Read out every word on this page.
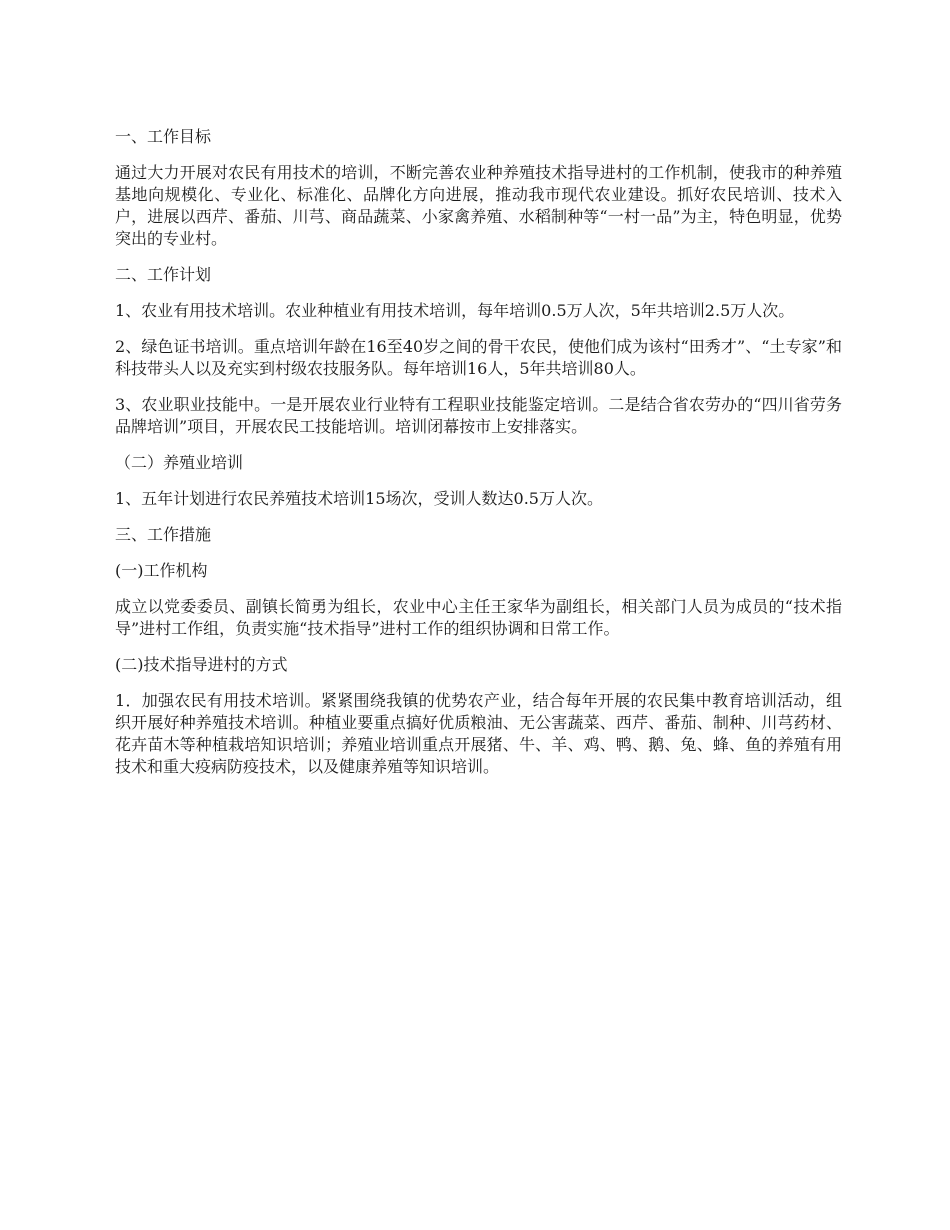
一、工作目标

通过大力开展对农民有用技术的培训，不断完善农业种养殖技术指导进村的工作机制，使我市的种养殖基地向规模化、专业化、标准化、品牌化方向进展，推动我市现代农业建设。抓好农民培训、技术入户，进展以西芹、番茄、川芎、商品蔬菜、小家禽养殖、水稻制种等“一村一品”为主，特色明显，优势突出的专业村。

二、工作计划

1、农业有用技术培训。农业种植业有用技术培训，每年培训0.5万人次，5年共培训2.5万人次。

2、绿色证书培训。重点培训年龄在16至40岁之间的骨干农民，使他们成为该村“田秀才”、“土专家”和科技带头人以及充实到村级农技服务队。每年培训16人，5年共培训80人。

3、农业职业技能中。一是开展农业行业特有工程职业技能鉴定培训。二是结合省农劳办的“四川省劳务品牌培训”项目，开展农民工技能培训。培训闭幕按市上安排落实。

（二）养殖业培训

1、五年计划进行农民养殖技术培训15场次，受训人数达0.5万人次。

三、工作措施

(一)工作机构

成立以党委委员、副镇长简勇为组长，农业中心主任王家华为副组长，相关部门人员为成员的“技术指导”进村工作组，负责实施“技术指导”进村工作的组织协调和日常工作。

(二)技术指导进村的方式

1．加强农民有用技术培训。紧紧围绕我镇的优势农产业，结合每年开展的农民集中教育培训活动，组织开展好种养殖技术培训。种植业要重点搞好优质粮油、无公害蔬菜、西芹、番茄、制种、川芎药材、花卉苗木等种植栽培知识培训；养殖业培训重点开展猪、牛、羊、鸡、鸭、鹅、兔、蜂、鱼的养殖有用技术和重大疫病防疫技术，以及健康养殖等知识培训。
